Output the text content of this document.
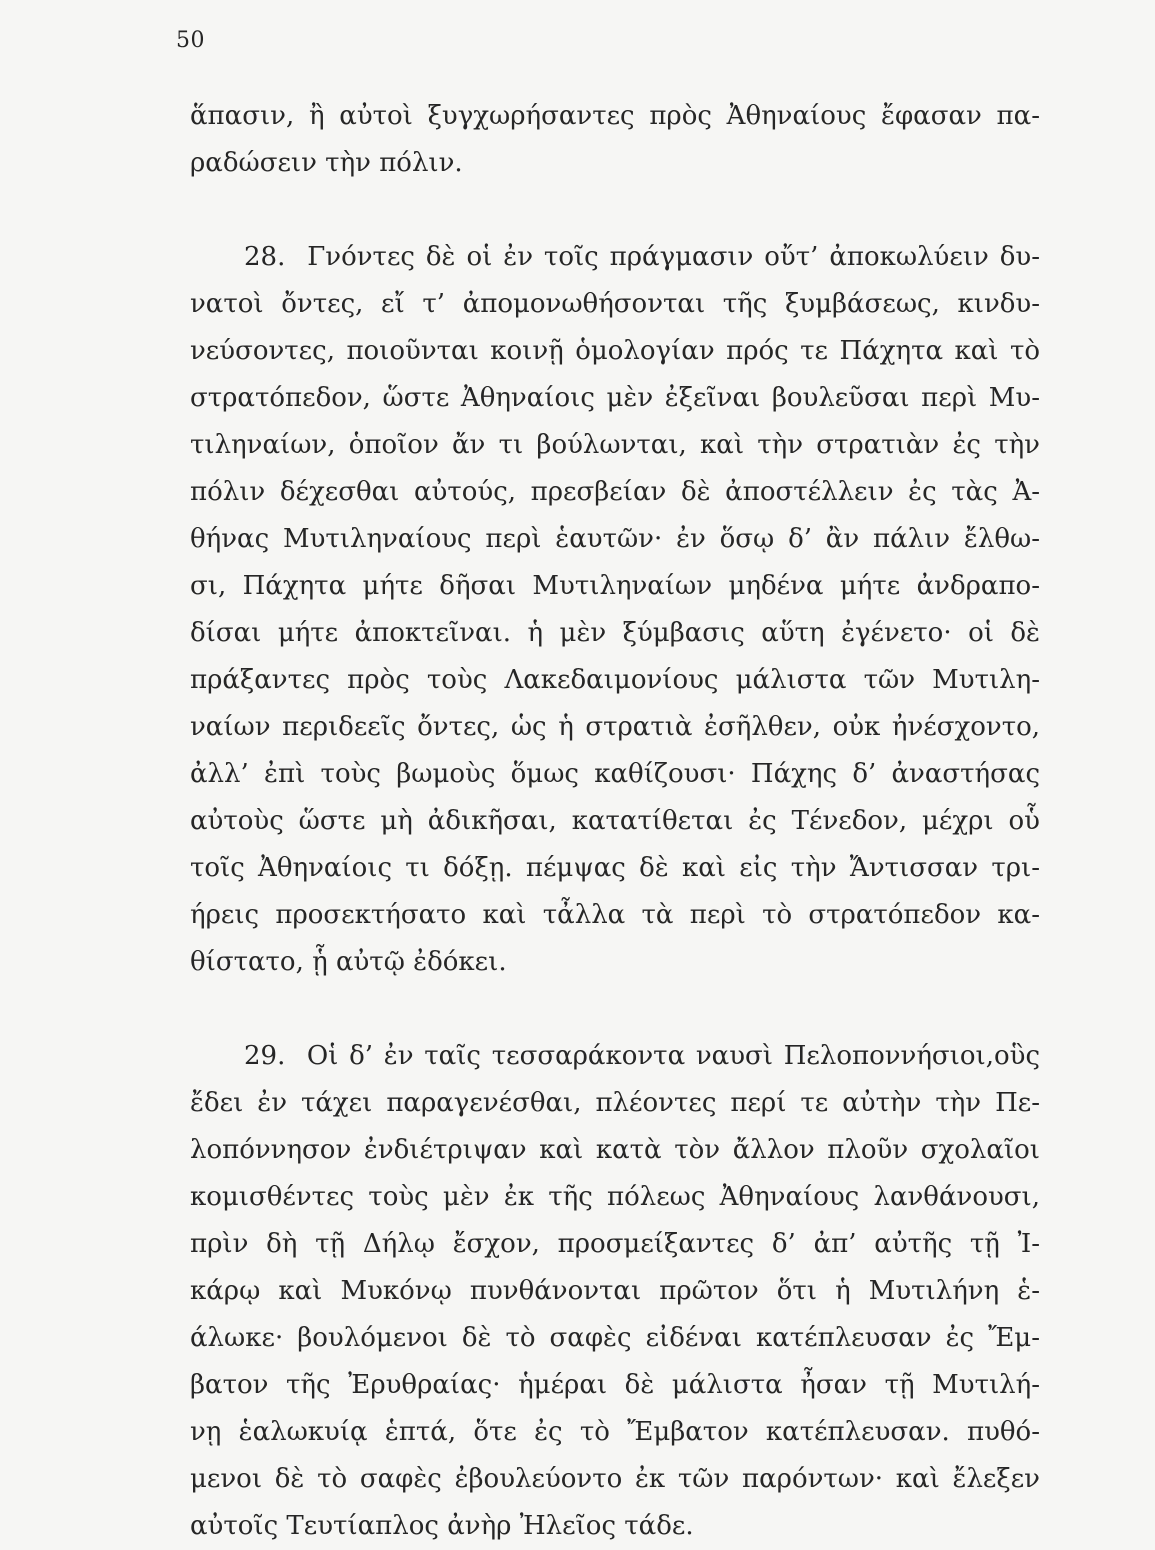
50
ἅπασιν, ἢ αὐτοὶ ξυγχωρήσαντες πρὸς Ἀθηναίους ἔφασαν πα-
ραδώσειν τὴν πόλιν.
28. Γνόντες δὲ οἱ ἐν τοῖς πράγμασιν οὔτ’ ἀποκωλύειν δυ-
νατοὶ ὄντες, εἴ τ’ ἀπομονωθήσονται τῆς ξυμβάσεως, κινδυ-
νεύσοντες, ποιοῦνται κοινῇ ὁμολογίαν πρός τε Πάχητα καὶ τὸ
στρατόπεδον, ὥστε Ἀθηναίοις μὲν ἐξεῖναι βουλεῦσαι περὶ Μυ-
τιληναίων, ὁποῖον ἄν τι βούλωνται, καὶ τὴν στρατιὰν ἐς τὴν
πόλιν δέχεσθαι αὐτούς, πρεσβείαν δὲ ἀποστέλλειν ἐς τὰς Ἀ-
θήνας Μυτιληναίους περὶ ἑαυτῶν· ἐν ὅσῳ δ’ ἂν πάλιν ἔλθω-
σι, Πάχητα μήτε δῆσαι Μυτιληναίων μηδένα μήτε ἀνδραπο-
δίσαι μήτε ἀποκτεῖναι. ἡ μὲν ξύμβασις αὕτη ἐγένετο· οἱ δὲ
πράξαντες πρὸς τοὺς Λακεδαιμονίους μάλιστα τῶν Μυτιλη-
ναίων περιδεεῖς ὄντες, ὡς ἡ στρατιὰ ἐσῆλθεν, οὐκ ἠνέσχοντο,
ἀλλ’ ἐπὶ τοὺς βωμοὺς ὅμως καθίζουσι· Πάχης δ’ ἀναστήσας
αὐτοὺς ὥστε μὴ ἀδικῆσαι, κατατίθεται ἐς Τένεδον, μέχρι οὗ
τοῖς Ἀθηναίοις τι δόξῃ. πέμψας δὲ καὶ εἰς τὴν Ἄντισσαν τρι-
ήρεις προσεκτήσατο καὶ τἆλλα τὰ περὶ τὸ στρατόπεδον κα-
θίστατο, ᾗ αὐτῷ ἐδόκει.
29. Οἱ δ’ ἐν ταῖς τεσσαράκοντα ναυσὶ Πελοποννήσιοι,οὓς
ἔδει ἐν τάχει παραγενέσθαι, πλέοντες περί τε αὐτὴν τὴν Πε-
λοπόννησον ἐνδιέτριψαν καὶ κατὰ τὸν ἄλλον πλοῦν σχολαῖοι
κομισθέντες τοὺς μὲν ἐκ τῆς πόλεως Ἀθηναίους λανθάνουσι,
πρὶν δὴ τῇ Δήλῳ ἔσχον, προσμείξαντες δ’ ἀπ’ αὐτῆς τῇ Ἰ-
κάρῳ καὶ Μυκόνῳ πυνθάνονται πρῶτον ὅτι ἡ Μυτιλήνη ἑ-
άλωκε· βουλόμενοι δὲ τὸ σαφὲς εἰδέναι κατέπλευσαν ἐς Ἔμ-
βατον τῆς Ἐρυθραίας· ἡμέραι δὲ μάλιστα ἦσαν τῇ Μυτιλή-
νῃ ἑαλωκυίᾳ ἑπτά, ὅτε ἐς τὸ Ἔμβατον κατέπλευσαν. πυθό-
μενοι δὲ τὸ σαφὲς ἐβουλεύοντο ἐκ τῶν παρόντων· καὶ ἔλεξεν
αὐτοῖς Τευτίαπλος ἀνὴρ Ἠλεῖος τάδε.
